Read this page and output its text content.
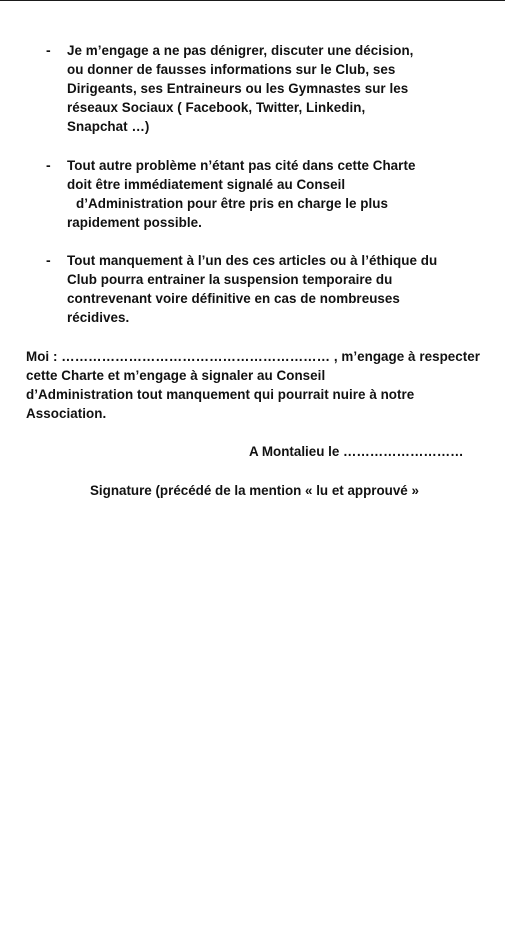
- Je m’engage a ne pas dénigrer, discuter une décision,
ou donner de fausses informations sur le Club, ses
Dirigeants, ses Entraineurs ou les Gymnastes sur les
réseaux Sociaux ( Facebook, Twitter, Linkedin,
Snapchat …)
- Tout autre problème n’étant pas cité dans cette Charte
doit être immédiatement signalé au Conseil
d’Administration pour être pris en charge le plus
rapidement possible.
- Tout manquement à l’un des ces articles ou à l’éthique du
Club pourra entrainer la suspension temporaire du
contrevenant voire définitive en cas de nombreuses
récidives.
Moi : …………………………………………………… , m’engage à respecter
cette Charte et m’engage à signaler au Conseil
d’Administration tout manquement qui pourrait nuire à notre
Association.
A Montalieu le ………………………
Signature (précédé de la mention « lu et approuvé »
